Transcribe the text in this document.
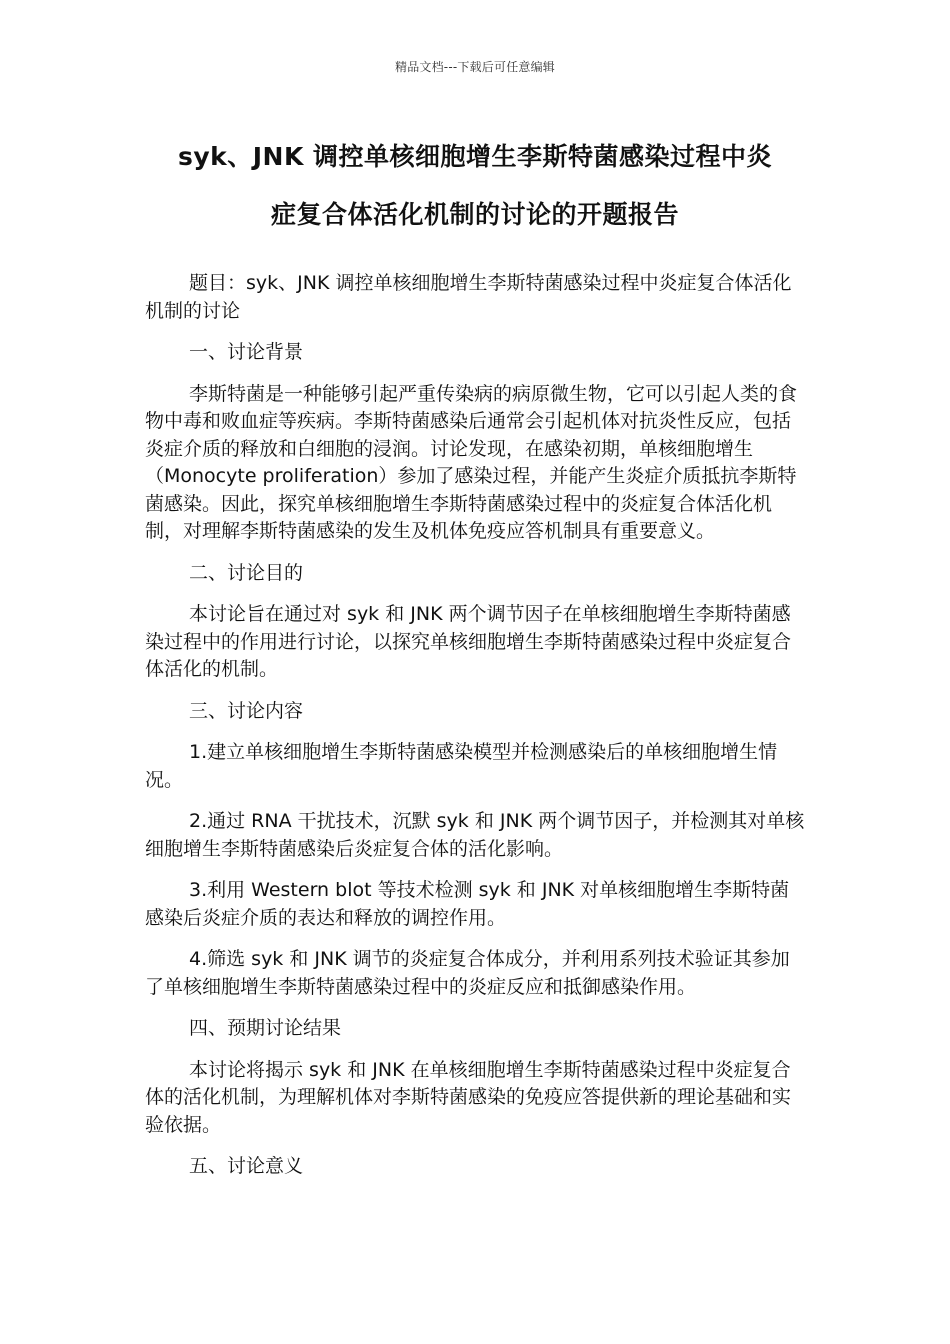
精品文档---下载后可任意编辑
syk、JNK 调控单核细胞增生李斯特菌感染过程中炎
症复合体活化机制的讨论的开题报告

题目：syk、JNK 调控单核细胞增生李斯特菌感染过程中炎症复合体活化机制的讨论

一、讨论背景

李斯特菌是一种能够引起严重传染病的病原微生物，它可以引起人类的食物中毒和败血症等疾病。李斯特菌感染后通常会引起机体对抗炎性反应，包括炎症介质的释放和白细胞的浸润。讨论发现，在感染初期，单核细胞增生（Monocyte proliferation）参加了感染过程，并能产生炎症介质抵抗李斯特菌感染。因此，探究单核细胞增生李斯特菌感染过程中的炎症复合体活化机制，对理解李斯特菌感染的发生及机体免疫应答机制具有重要意义。

二、讨论目的

本讨论旨在通过对 syk 和 JNK 两个调节因子在单核细胞增生李斯特菌感染过程中的作用进行讨论，以探究单核细胞增生李斯特菌感染过程中炎症复合体活化的机制。

三、讨论内容

1.建立单核细胞增生李斯特菌感染模型并检测感染后的单核细胞增生情况。

2.通过 RNA 干扰技术，沉默 syk 和 JNK 两个调节因子，并检测其对单核细胞增生李斯特菌感染后炎症复合体的活化影响。

3.利用 Western blot 等技术检测 syk 和 JNK 对单核细胞增生李斯特菌感染后炎症介质的表达和释放的调控作用。

4.筛选 syk 和 JNK 调节的炎症复合体成分，并利用系列技术验证其参加了单核细胞增生李斯特菌感染过程中的炎症反应和抵御感染作用。

四、预期讨论结果

本讨论将揭示 syk 和 JNK 在单核细胞增生李斯特菌感染过程中炎症复合体的活化机制，为理解机体对李斯特菌感染的免疫应答提供新的理论基础和实验依据。

五、讨论意义
